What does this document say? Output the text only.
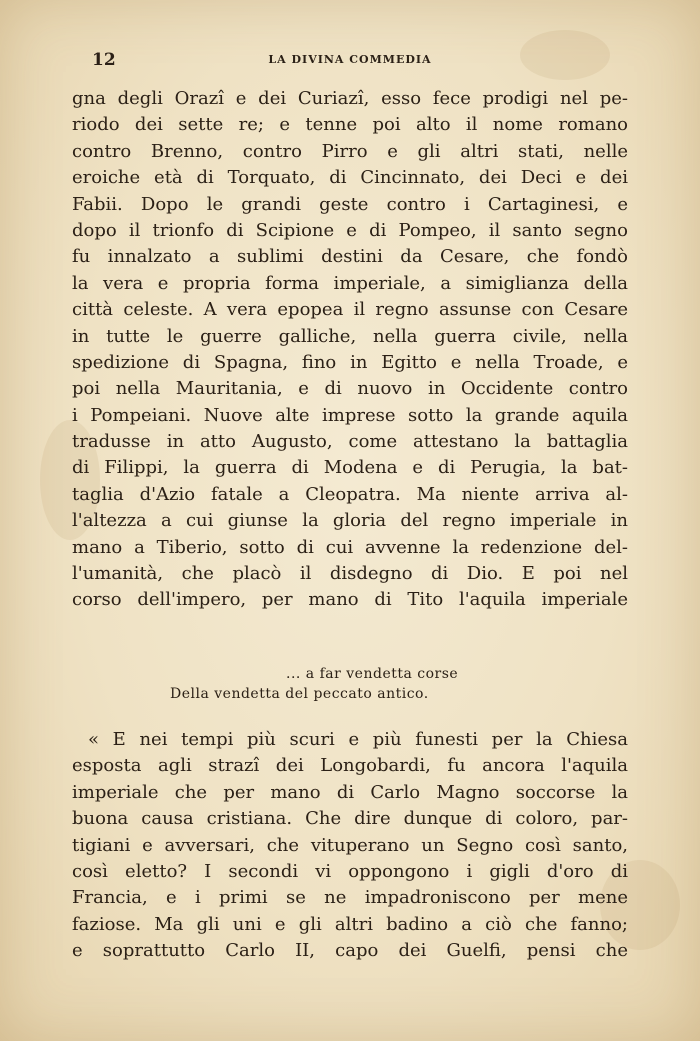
12	LA DIVINA COMMEDIA
gna degli Orazî e dei Curiazî, esso fece prodigi nel pe-
riodo dei sette re; e tenne poi alto il nome romano
contro Brenno, contro Pirro e gli altri stati, nelle
eroiche età di Torquato, di Cincinnato, dei Deci e dei
Fabii. Dopo le grandi geste contro i Cartaginesi, e
dopo il trionfo di Scipione e di Pompeo, il santo segno
fu innalzato a sublimi destini da Cesare, che fondò
la vera e propria forma imperiale, a simiglianza della
città celeste. A vera epopea il regno assunse con Cesare
in tutte le guerre galliche, nella guerra civile, nella
spedizione di Spagna, fino in Egitto e nella Troade, e
poi nella Mauritania, e di nuovo in Occidente contro
i Pompeiani. Nuove alte imprese sotto la grande aquila
tradusse in atto Augusto, come attestano la battaglia
di Filippi, la guerra di Modena e di Perugia, la bat-
taglia d'Azio fatale a Cleopatra. Ma niente arriva al-
l'altezza a cui giunse la gloria del regno imperiale in
mano a Tiberio, sotto di cui avvenne la redenzione del-
l'umanità, che placò il disdegno di Dio. E poi nel
corso dell'impero, per mano di Tito l'aquila imperiale
... a far vendetta corse
Della vendetta del peccato antico.
« E nei tempi più scuri e più funesti per la Chiesa
esposta agli strazî dei Longobardi, fu ancora l'aquila
imperiale che per mano di Carlo Magno soccorse la
buona causa cristiana. Che dire dunque di coloro, par-
tigiani e avversari, che vituperano un Segno così santo,
così eletto? I secondi vi oppongono i gigli d'oro di
Francia, e i primi se ne impadroniscono per mene
faziose. Ma gli uni e gli altri badino a ciò che fanno;
e soprattutto Carlo II, capo dei Guelfi, pensi che
